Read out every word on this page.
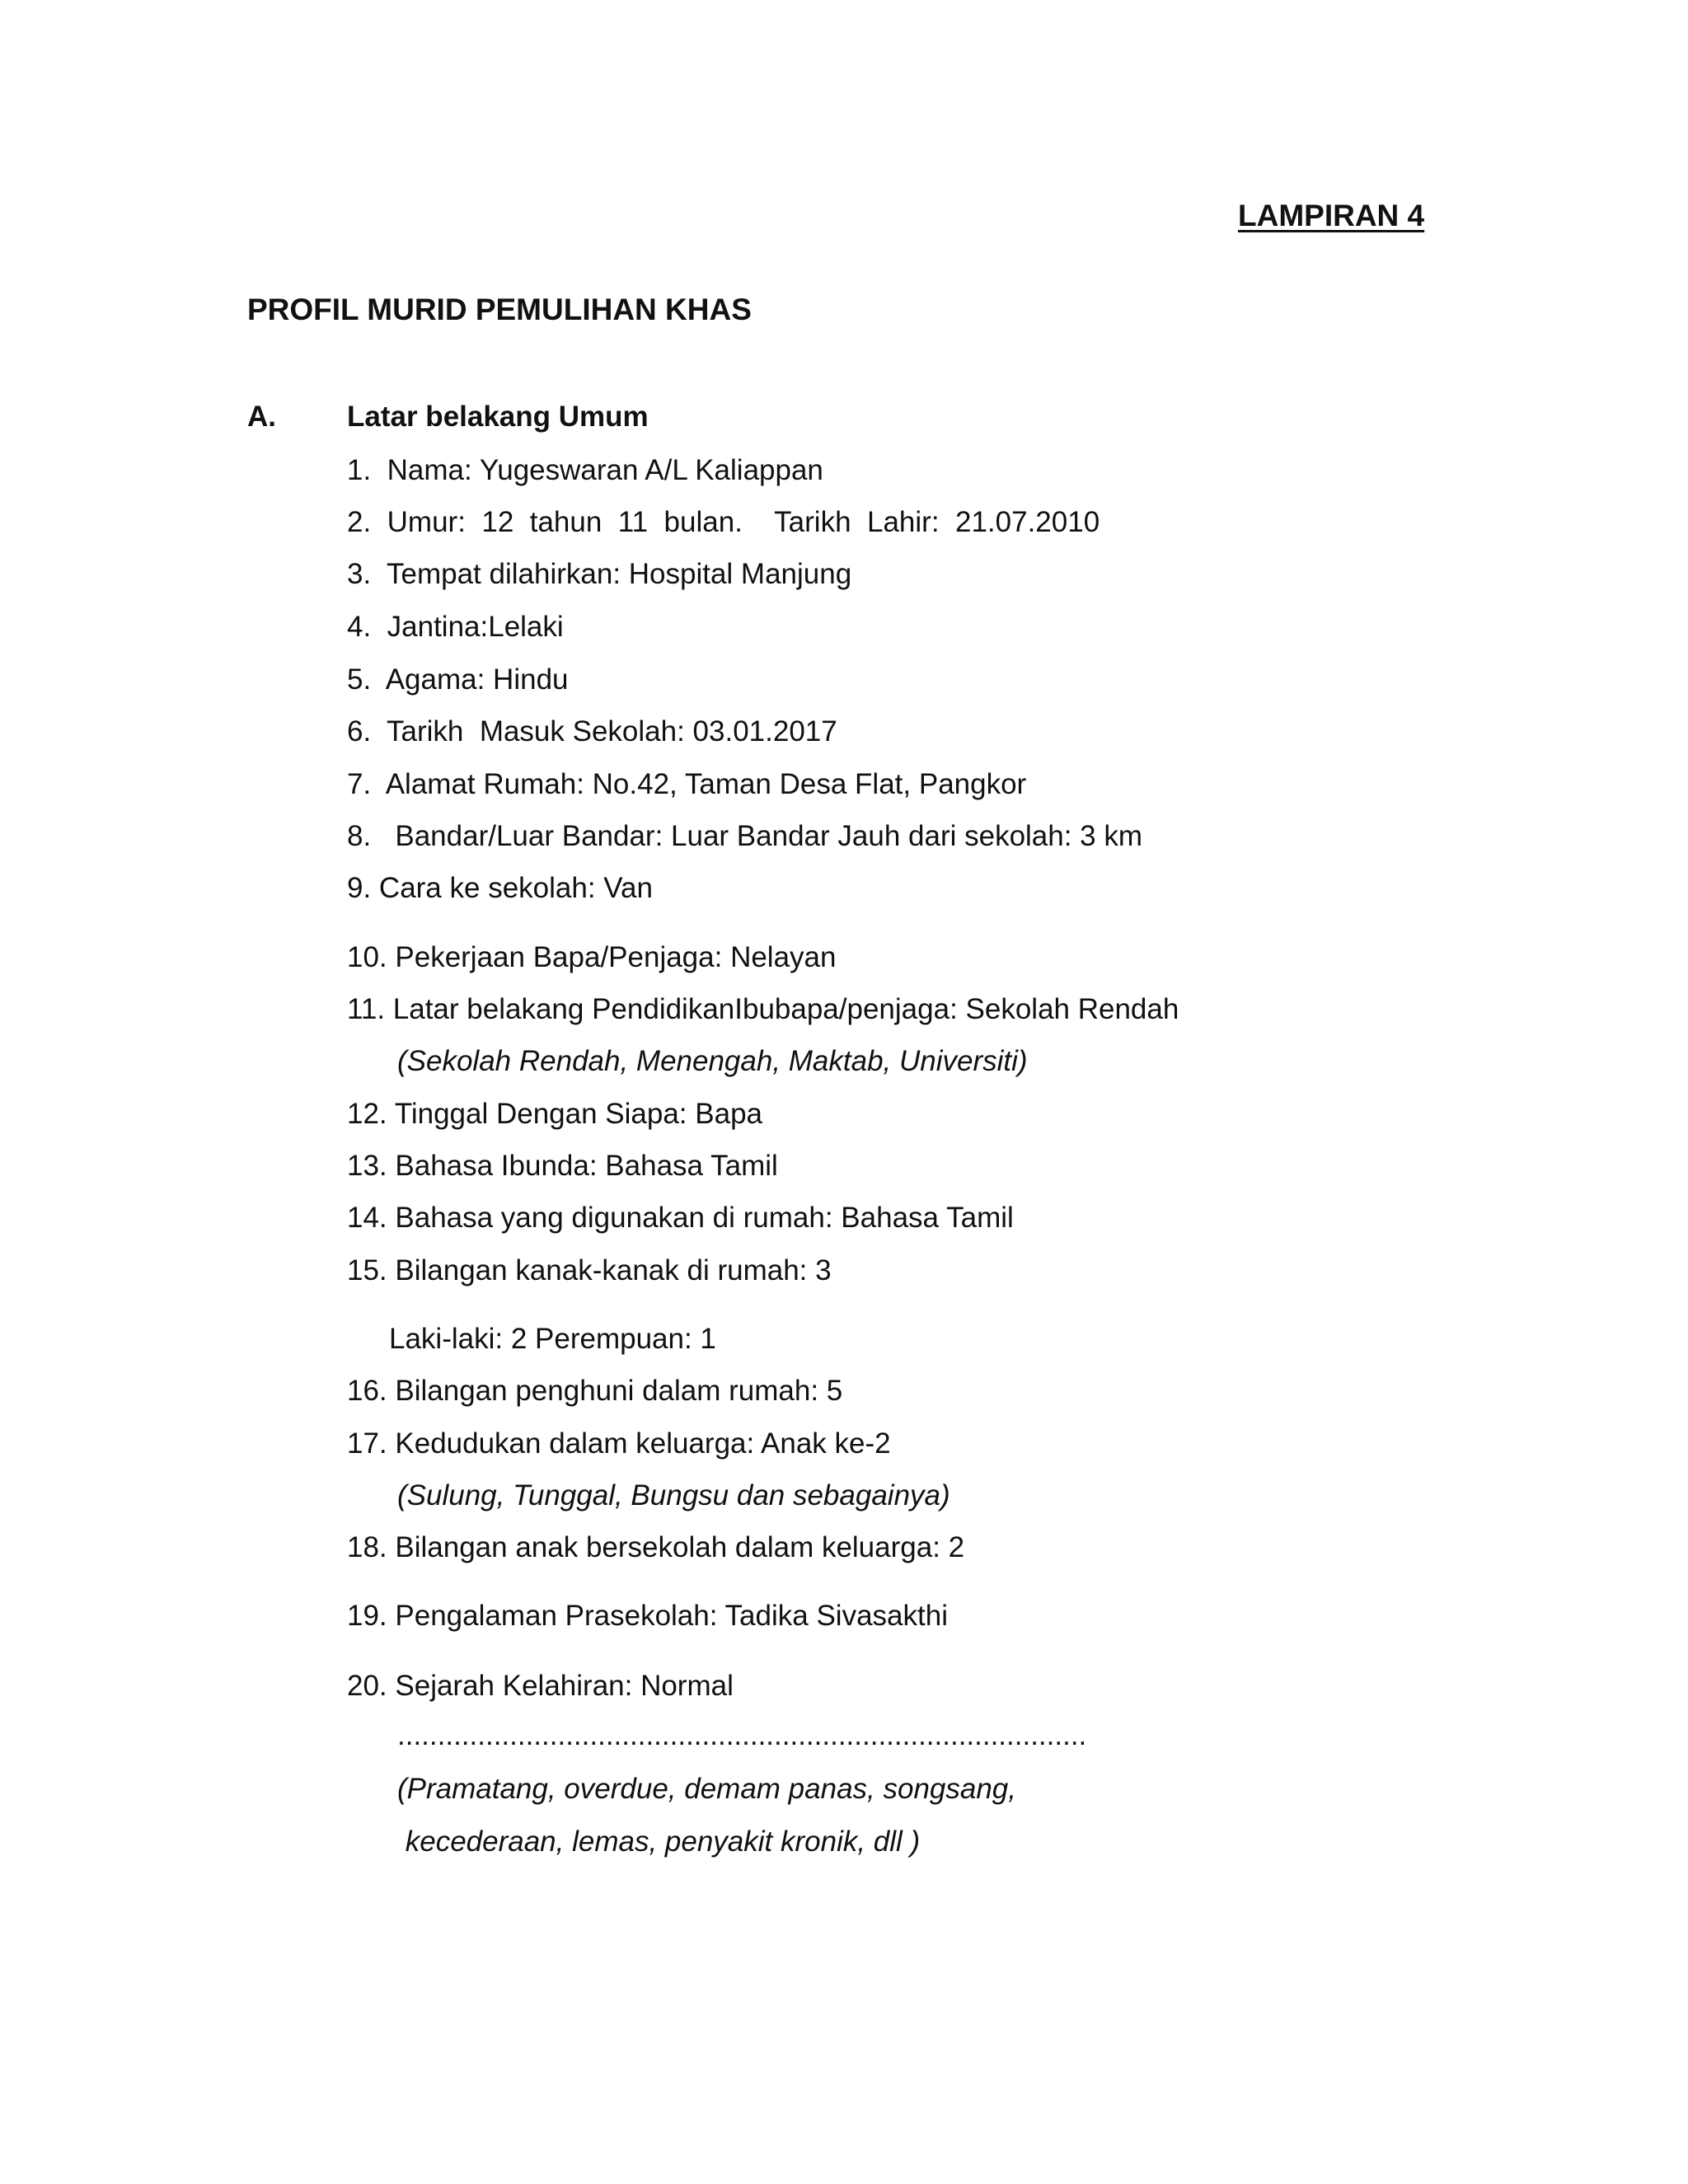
LAMPIRAN 4
PROFIL MURID PEMULIHAN KHAS
A. Latar belakang Umum
1.  Nama: Yugeswaran A/L Kaliappan
2.  Umur:  12  tahun  11  bulan.    Tarikh  Lahir:  21.07.2010
3.  Tempat dilahirkan: Hospital Manjung
4.  Jantina:Lelaki
5.  Agama: Hindu
6.  Tarikh  Masuk Sekolah: 03.01.2017
7.  Alamat Rumah: No.42, Taman Desa Flat, Pangkor
8.   Bandar/Luar Bandar: Luar Bandar Jauh dari sekolah: 3 km
9. Cara ke sekolah: Van
10. Pekerjaan Bapa/Penjaga: Nelayan
11. Latar belakang PendidikanIbubapa/penjaga: Sekolah Rendah
(Sekolah Rendah, Menengah, Maktab, Universiti)
12. Tinggal Dengan Siapa: Bapa
13. Bahasa Ibunda: Bahasa Tamil
14. Bahasa yang digunakan di rumah: Bahasa Tamil
15. Bilangan kanak-kanak di rumah: 3
Laki-laki: 2 Perempuan: 1
16. Bilangan penghuni dalam rumah: 5
17. Kedudukan dalam keluarga: Anak ke-2
(Sulung, Tunggal, Bungsu dan sebagainya)
18. Bilangan anak bersekolah dalam keluarga: 2
19. Pengalaman Prasekolah: Tadika Sivasakthi
20. Sejarah Kelahiran: Normal
......................................................................................
(Pramatang, overdue, demam panas, songsang,
kecederaan, lemas, penyakit kronik, dll )
